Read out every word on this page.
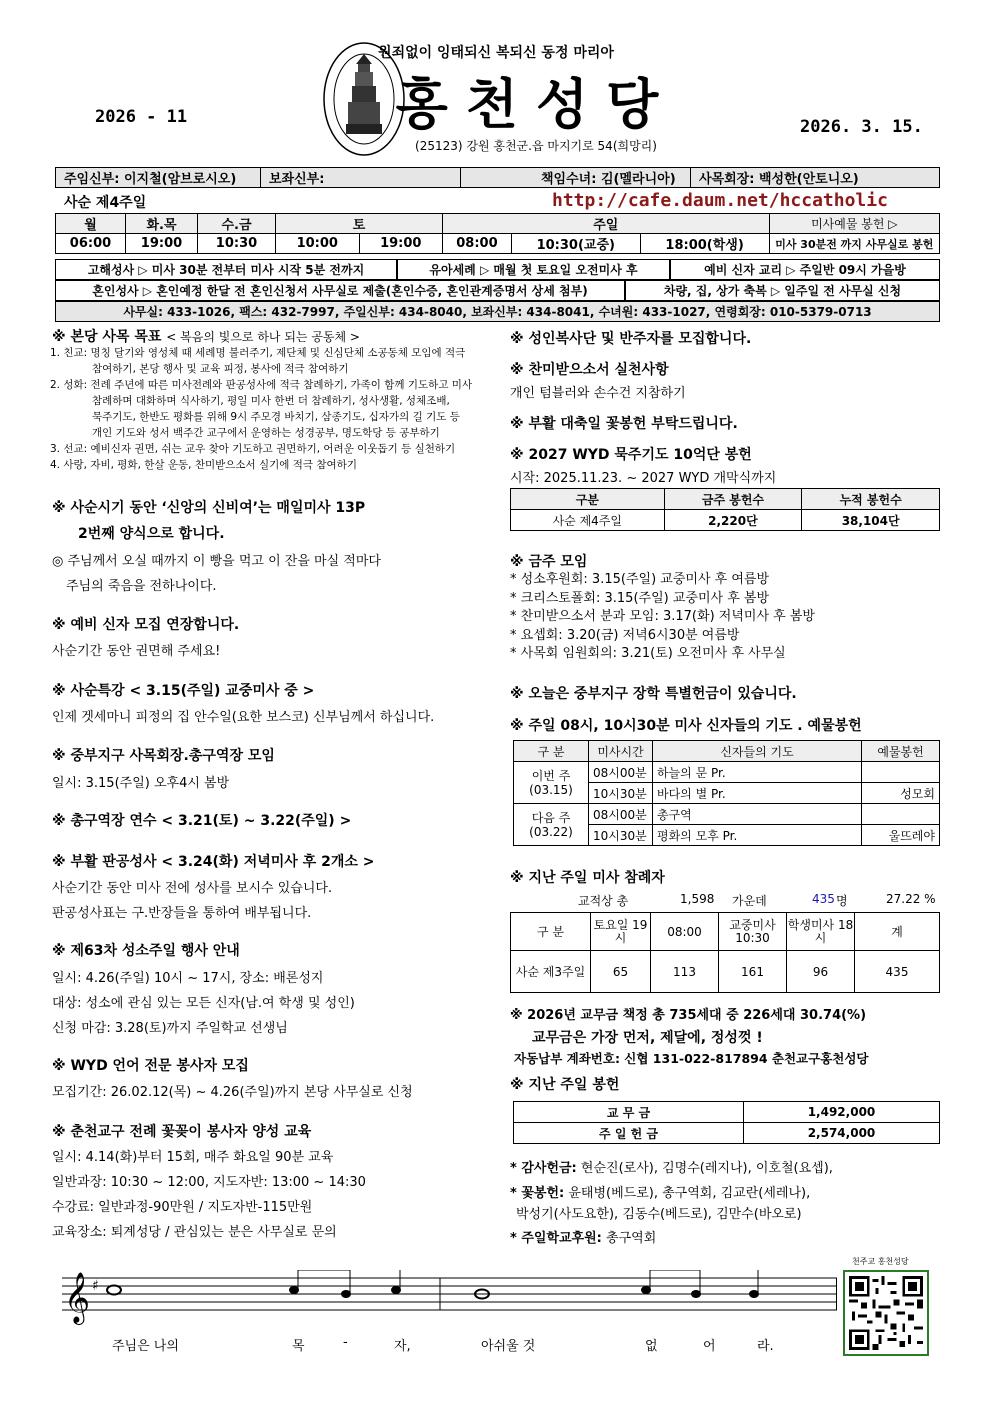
원죄없이 잉태되신 복되신 동정 마리아
홍천성당
(25123) 강원 홍천군.읍 마지기로 54(희망리)
2026 - 11	2026. 3. 15.
주임신부: 이지철(암브로시오)	보좌신부:	책임수녀: 김(멜라니아)	사목회장: 백성한(안토니오)
사순 제4주일	http://cafe.daum.net/hccatholic
월	화.목	수.금	토		주일			미사예물 봉헌 ▷
06:00	19:00	10:30	10:00	19:00	08:00	10:30(교중)	18:00(학생)	미사 30분전 까지 사무실로 봉헌
고해성사 ▷ 미사 30분 전부터 미사 시작 5분 전까지	유아세례 ▷ 매월 첫 토요일 오전미사 후	예비 신자 교리 ▷ 주일반 09시 가을방
혼인성사 ▷ 혼인예정 한달 전 혼인신청서 사무실로 제출(혼인수증, 혼인관계증명서 상세 첨부)	차량, 집, 상가 축복 ▷ 일주일 전 사무실 신청
사무실: 433-1026, 팩스: 432-7997, 주일신부: 434-8040, 보좌신부: 434-8041, 수녀원: 433-1027, 연령회장: 010-5379-0713
※ 본당 사목 목표 < 복음의 빛으로 하나 되는 공동체 >
1. 친교: 명칭 달기와 영성체 때 세례명 불러주기, 제단체 및 신심단체 소공동체 모임에 적극
참여하기, 본당 행사 및 교육 피정, 봉사에 적극 참여하기
2. 성화: 전례 주년에 따른 미사전례와 판공성사에 적극 참례하기, 가족이 함께 기도하고 미사
참례하며 대화하며 식사하기, 평일 미사 한번 더 참례하기, 성사생활, 성체조배,
묵주기도, 한반도 평화를 위해 9시 주모경 바치기, 삼종기도, 십자가의 길 기도 등
개인 기도와 성서 백주간 교구에서 운영하는 성경공부, 명도학당 등 공부하기
3. 선교: 예비신자 권면, 쉬는 교우 찾아 기도하고 권면하기, 어려운 이웃돕기 등 실천하기
4. 사랑, 자비, 평화, 한살 운동, 찬미받으소서 실기에 적극 참여하기
※ 사순시기 동안 ‘신앙의 신비여’는 매일미사 13P
2번째 양식으로 합니다.
◎ 주님께서 오실 때까지 이 빵을 먹고 이 잔을 마실 적마다
주님의 죽음을 전하나이다.
※ 예비 신자 모집 연장합니다.
사순기간 동안 권면해 주세요!
※ 사순특강 < 3.15(주일) 교중미사 중 >
인제 겟세마니 피정의 집 안수일(요한 보스코) 신부님께서 하십니다.
※ 중부지구 사목회장.총구역장 모임
일시: 3.15(주일) 오후4시 봄방
※ 총구역장 연수 < 3.21(토) ~ 3.22(주일) >
※ 부활 판공성사 < 3.24(화) 저녁미사 후 2개소 >
사순기간 동안 미사 전에 성사를 보시수 있습니다.
판공성사표는 구.반장들을 통하여 배부됩니다.
※ 제63차 성소주일 행사 안내
일시: 4.26(주일) 10시 ~ 17시, 장소: 배론성지
대상: 성소에 관심 있는 모든 신자(남.여 학생 및 성인)
신청 마감: 3.28(토)까지 주일학교 선생님
※ WYD 언어 전문 봉사자 모집
모집기간: 26.02.12(목) ~ 4.26(주일)까지 본당 사무실로 신청
※ 춘천교구 전례 꽃꽂이 봉사자 양성 교육
일시: 4.14(화)부터 15회, 매주 화요일 90분 교육
일반과장: 10:30 ~ 12:00, 지도자반: 13:00 ~ 14:30
수강료: 일반과정-90만원 / 지도자반-115만원
교육장소: 퇴계성당 / 관심있는 분은 사무실로 문의
※ 성인복사단 및 반주자를 모집합니다.
※ 찬미받으소서 실천사항
개인 텀블러와 손수건 지참하기
※ 부활 대축일 꽃봉헌 부탁드립니다.
※ 2027 WYD 묵주기도 10억단 봉헌
시작: 2025.11.23. ~ 2027 WYD 개막식까지
구분	금주 봉헌수	누적 봉헌수
사순 제4주일	2,220단	38,104단
※ 금주 모임
* 성소후원회: 3.15(주일) 교중미사 후 여름방
* 크리스토폴회: 3.15(주일) 교중미사 후 봄방
* 찬미받으소서 분과 모임: 3.17(화) 저녁미사 후 봄방
* 요셉회: 3.20(금) 저녁6시30분 여름방
* 사목회 임원회의: 3.21(토) 오전미사 후 사무실
※ 오늘은 중부지구 장학 특별헌금이 있습니다.
※ 주일 08시, 10시30분 미사 신자들의 기도 . 예물봉헌
구 분	미사시간	신자들의 기도	예물봉헌

이번 주
(03.15)	08시00분	하늘의 문 Pr.	
	10시30분	바다의 별 Pr.	성모회

다음 주
(03.22)	08시00분	총구역	
	10시30분	평화의 모후 Pr.	울뜨레야
※ 지난 주일 미사 참례자
교적상 총	1,598	가운데	435 명	27.22 %
구 분	토요일 19시	08:00	교중미사 10:30	학생미사 18시	계
사순 제3주일	65	113	161	96	435
※ 2026년 교무금 책정 총 735세대 중 226세대 30.74(%)
교무금은 가장 먼저, 제달에, 정성껏 !
자동납부 계좌번호: 신협 131-022-817894 춘천교구홍천성당
※ 지난 주일 봉헌
교 무 금	1,492,000
주 일 헌 금	2,574,000
* 감사헌금: 현순진(로사), 김명수(레지나), 이호철(요셉),
* 꽃봉헌: 윤태병(베드로), 총구역회, 김교란(세레나),
박성기(사도요한), 김동수(베드로), 김만수(바오로)
* 주일학교후원: 총구역회
𝄞 ♯
주님은 나의	목	-	자,	아쉬울 것	없	어	라.
천주교 홍천성당
